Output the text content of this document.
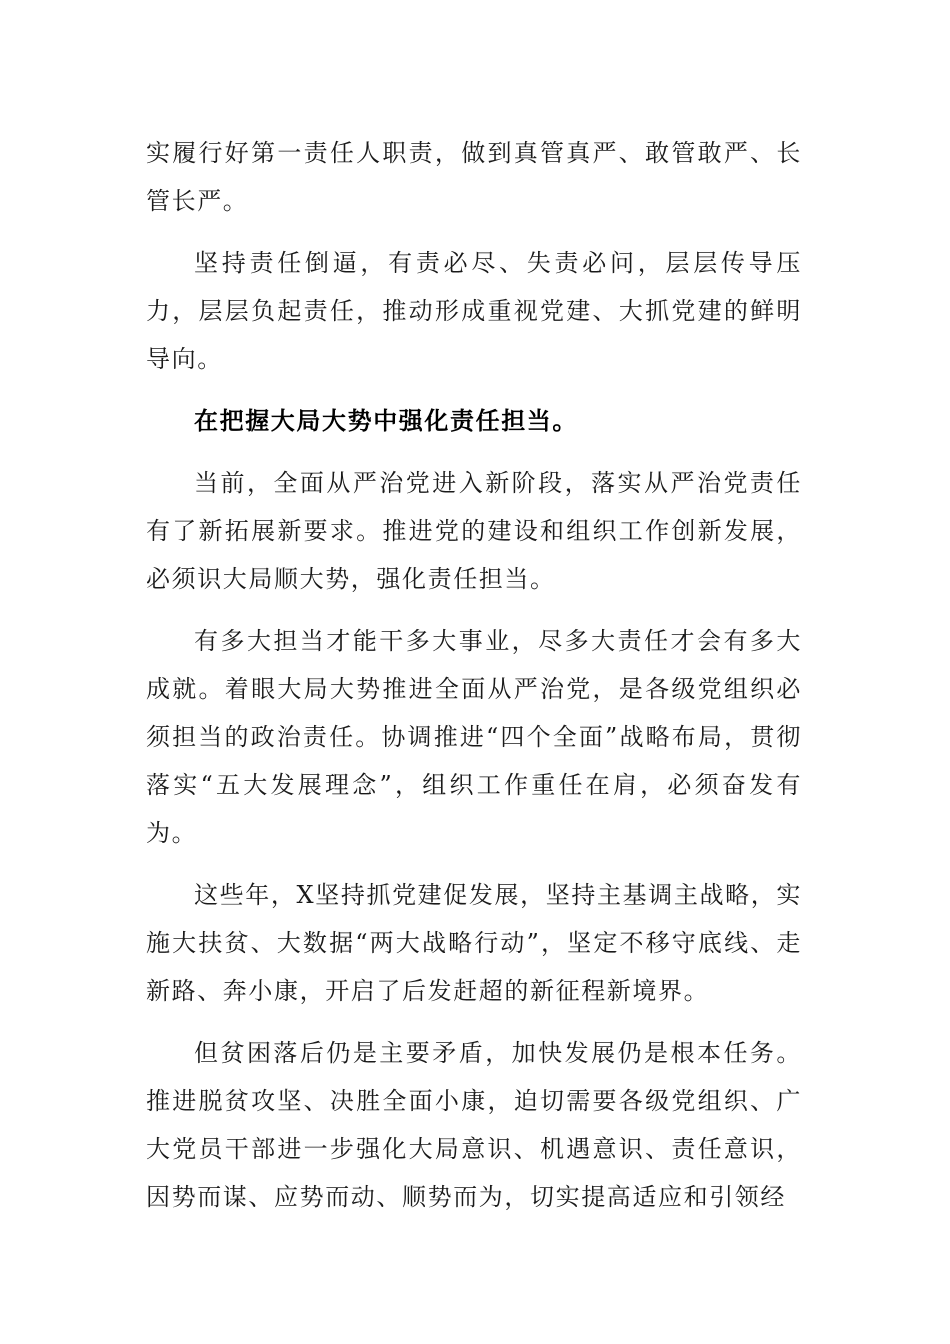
实履行好第一责任人职责，做到真管真严、敢管敢严、长管长严。

坚持责任倒逼，有责必尽、失责必问，层层传导压力，层层负起责任，推动形成重视党建、大抓党建的鲜明导向。

在把握大局大势中强化责任担当。

当前，全面从严治党进入新阶段，落实从严治党责任有了新拓展新要求。推进党的建设和组织工作创新发展，必须识大局顺大势，强化责任担当。

有多大担当才能干多大事业，尽多大责任才会有多大成就。着眼大局大势推进全面从严治党，是各级党组织必须担当的政治责任。协调推进“四个全面”战略布局，贯彻落实“五大发展理念”，组织工作重任在肩，必须奋发有为。

这些年，X坚持抓党建促发展，坚持主基调主战略，实施大扶贫、大数据“两大战略行动”，坚定不移守底线、走新路、奔小康，开启了后发赶超的新征程新境界。

但贫困落后仍是主要矛盾，加快发展仍是根本任务。推进脱贫攻坚、决胜全面小康，迫切需要各级党组织、广大党员干部进一步强化大局意识、机遇意识、责任意识，因势而谋、应势而动、顺势而为，切实提高适应和引领经
